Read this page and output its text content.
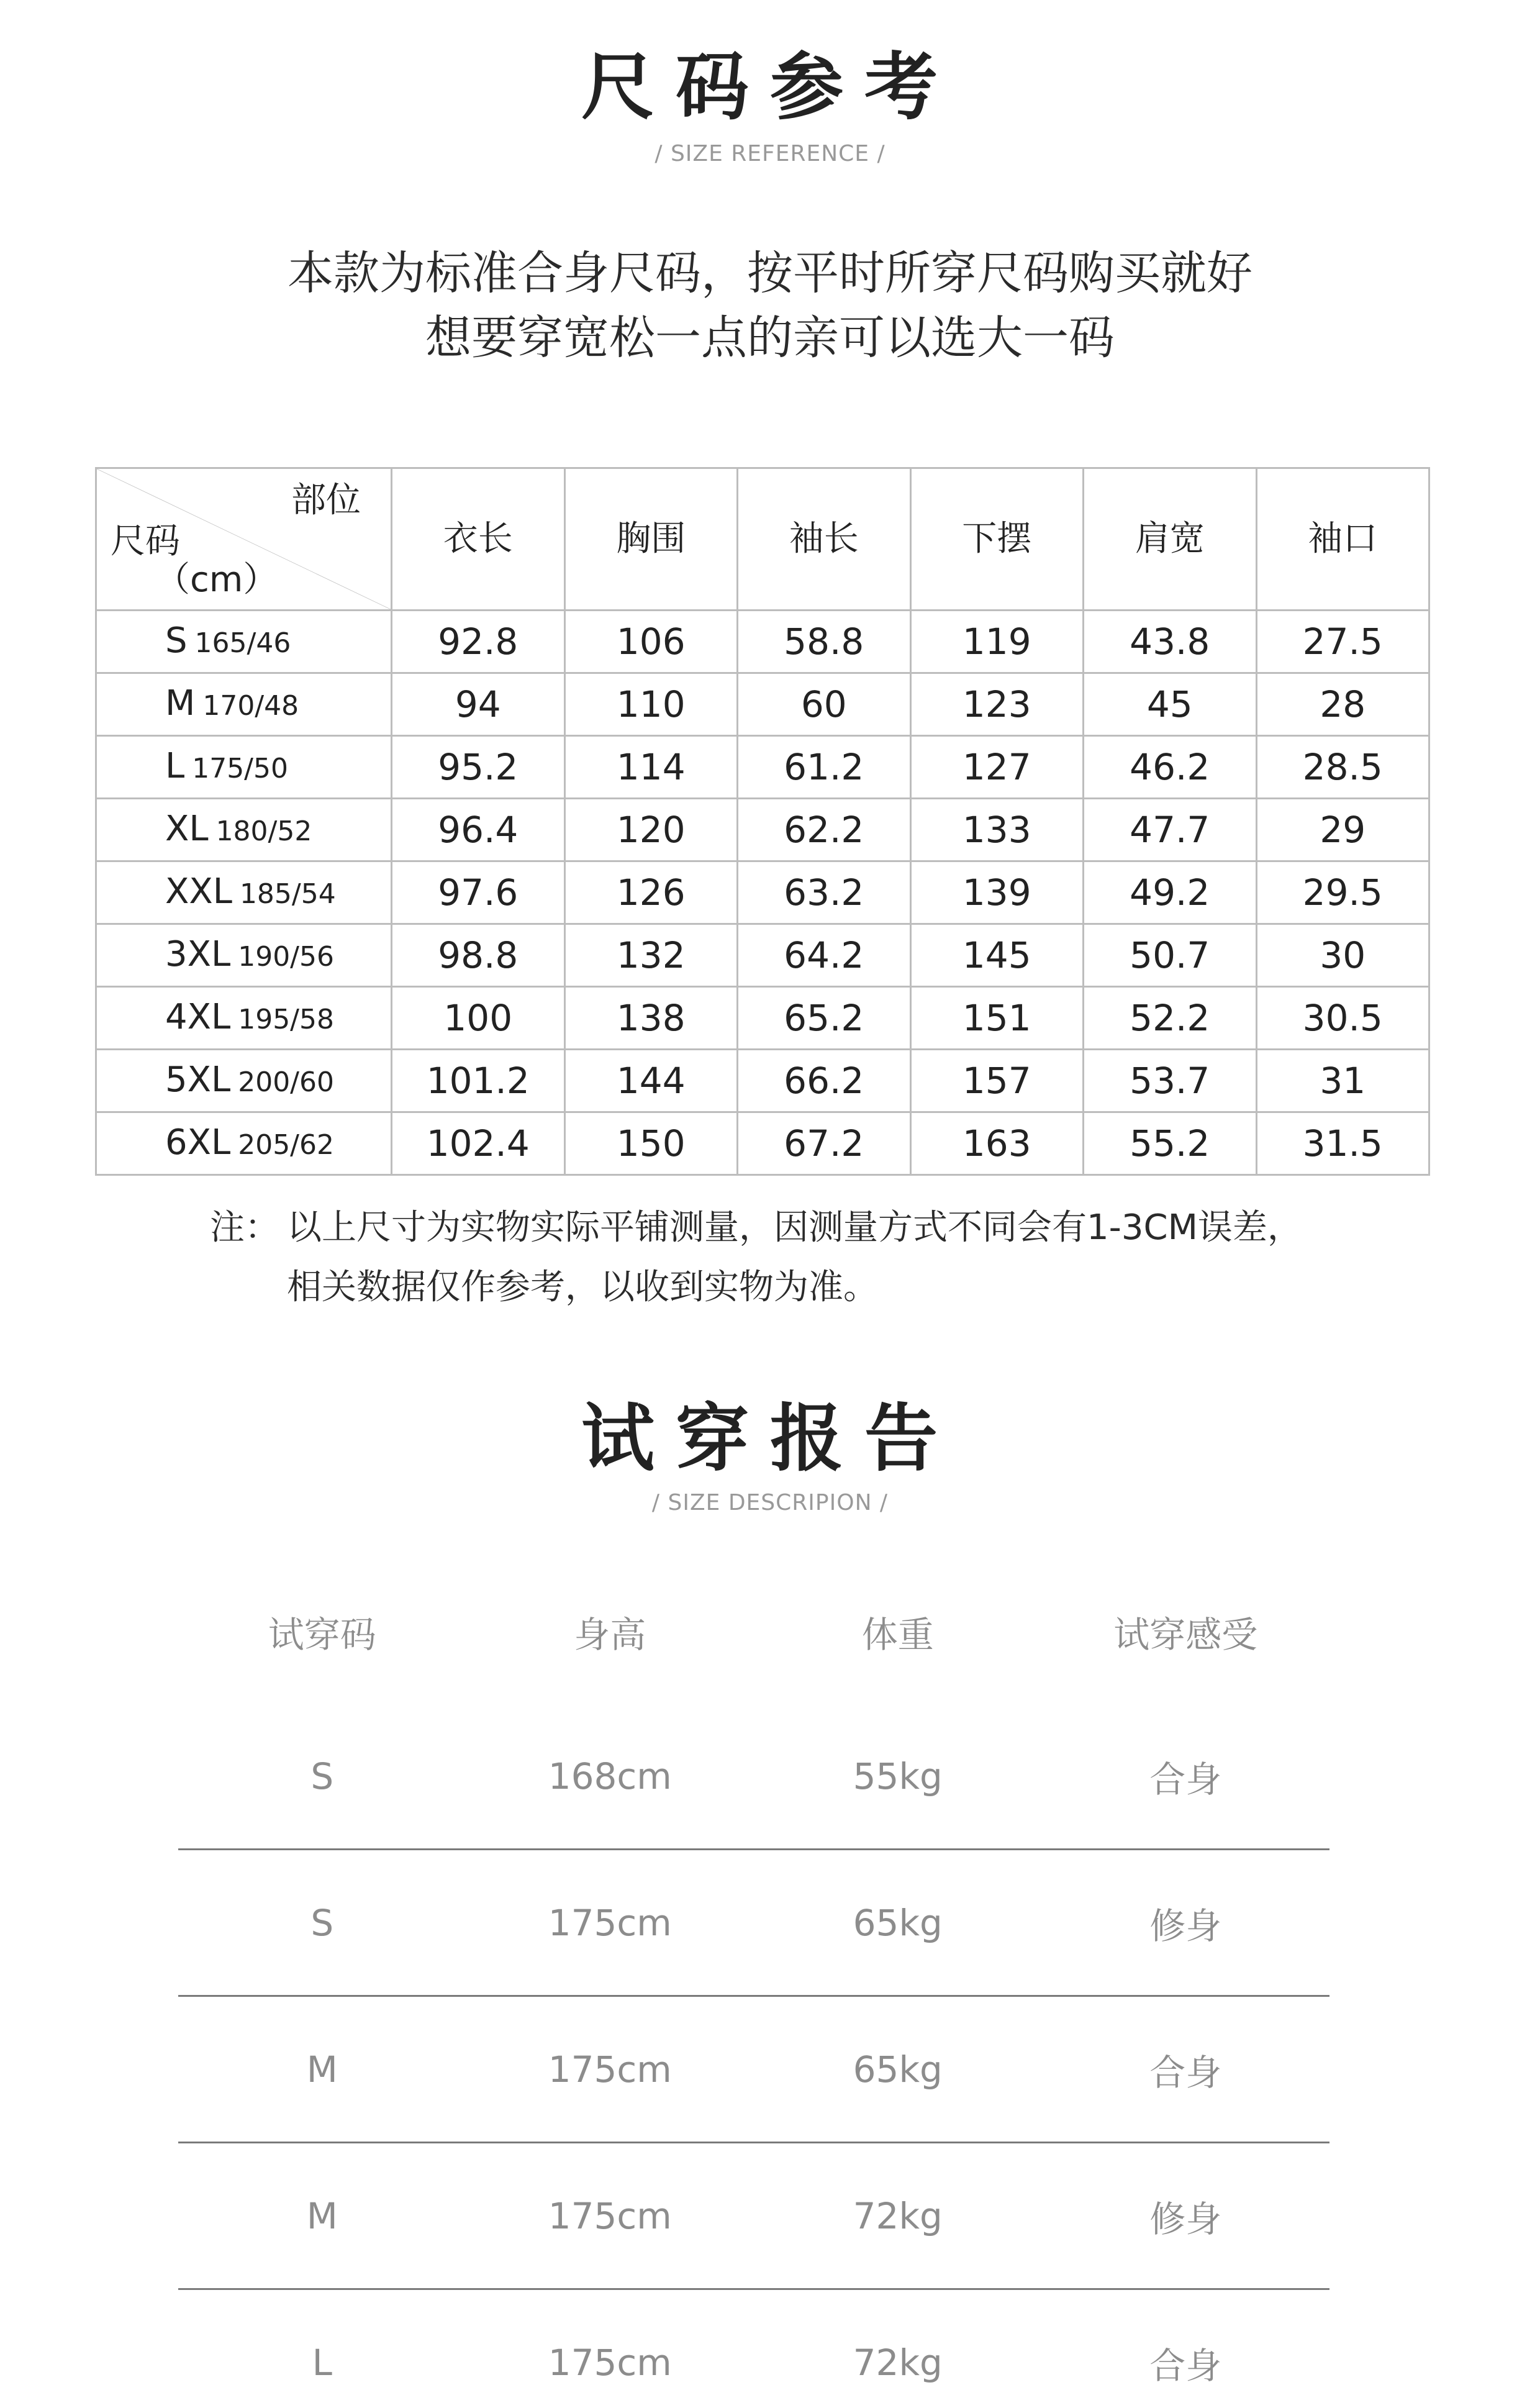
尺码参考
/ SIZE REFERENCE /
本款为标准合身尺码，按平时所穿尺码购买就好
想要穿宽松一点的亲可以选大一码
部位
尺码
（cm）	衣长	胸围	袖长	下摆	肩宽	袖口
S 165/46	92.8	106	58.8	119	43.8	27.5
M 170/48	94	110	60	123	45	28
L 175/50	95.2	114	61.2	127	46.2	28.5
XL 180/52	96.4	120	62.2	133	47.7	29
XXL 185/54	97.6	126	63.2	139	49.2	29.5
3XL 190/56	98.8	132	64.2	145	50.7	30
4XL 195/58	100	138	65.2	151	52.2	30.5
5XL 200/60	101.2	144	66.2	157	53.7	31
6XL 205/62	102.4	150	67.2	163	55.2	31.5
注： 以上尺寸为实物实际平铺测量，因测量方式不同会有1-3CM误差，
相关数据仅作参考，以收到实物为准。
试穿报告
/ SIZE DESCRIPION /
试穿码	身高	体重	试穿感受
S	168cm	55kg	合身
S	175cm	65kg	修身
M	175cm	65kg	合身
M	175cm	72kg	修身
L	175cm	72kg	合身
